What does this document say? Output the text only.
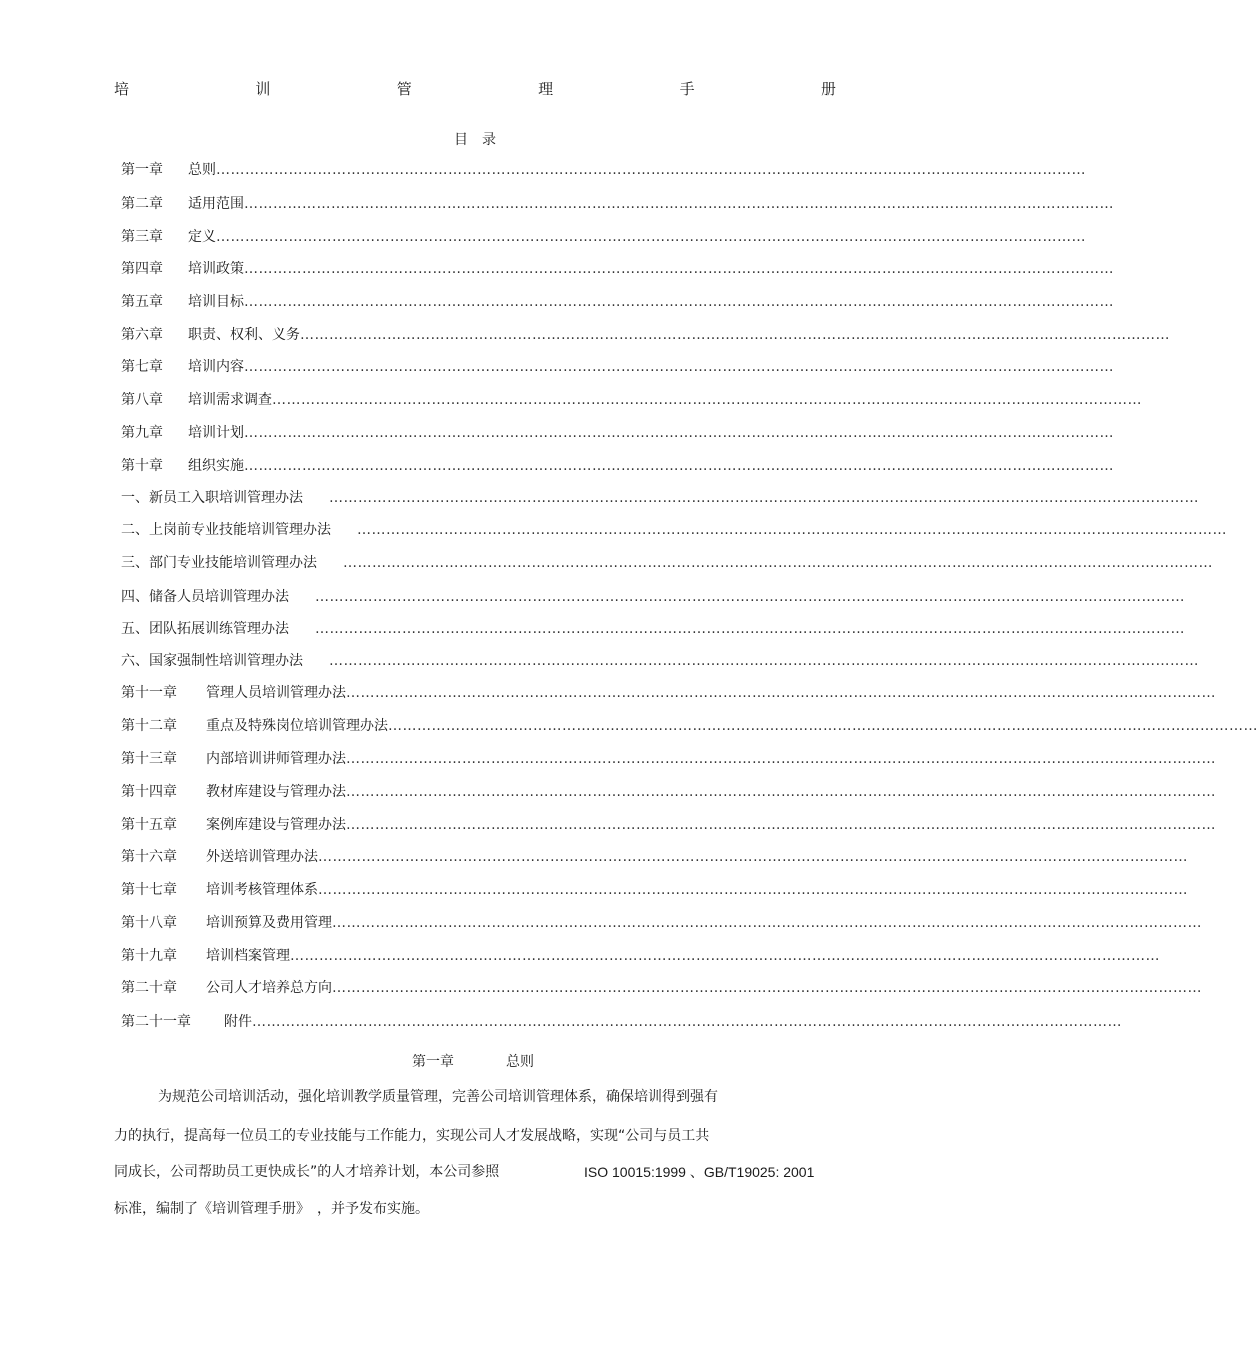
培	训	管	理	手	册
目　录
第一章 总则………………………………………………………………………………………………………………………………………………………………
第二章 适用范围………………………………………………………………………………………………………………………………………………………………
第三章 定义………………………………………………………………………………………………………………………………………………………………
第四章 培训政策………………………………………………………………………………………………………………………………………………………………
第五章 培训目标………………………………………………………………………………………………………………………………………………………………
第六章 职责、权利、义务………………………………………………………………………………………………………………………………………………………………
第七章 培训内容………………………………………………………………………………………………………………………………………………………………
第八章 培训需求调查………………………………………………………………………………………………………………………………………………………………
第九章 培训计划………………………………………………………………………………………………………………………………………………………………
第十章 组织实施………………………………………………………………………………………………………………………………………………………………
一、新员工入职培训管理办法 ………………………………………………………………………………………………………………………………………………………………
二、上岗前专业技能培训管理办法 ………………………………………………………………………………………………………………………………………………………………
三、部门专业技能培训管理办法 ………………………………………………………………………………………………………………………………………………………………
四、储备人员培训管理办法 ………………………………………………………………………………………………………………………………………………………………
五、团队拓展训练管理办法 ………………………………………………………………………………………………………………………………………………………………
六、国家强制性培训管理办法 ………………………………………………………………………………………………………………………………………………………………
第十一章 管理人员培训管理办法………………………………………………………………………………………………………………………………………………………………
第十二章 重点及特殊岗位培训管理办法………………………………………………………………………………………………………………………………………………………………
第十三章 内部培训讲师管理办法………………………………………………………………………………………………………………………………………………………………
第十四章 教材库建设与管理办法………………………………………………………………………………………………………………………………………………………………
第十五章 案例库建设与管理办法………………………………………………………………………………………………………………………………………………………………
第十六章 外送培训管理办法………………………………………………………………………………………………………………………………………………………………
第十七章 培训考核管理体系………………………………………………………………………………………………………………………………………………………………
第十八章 培训预算及费用管理………………………………………………………………………………………………………………………………………………………………
第十九章 培训档案管理………………………………………………………………………………………………………………………………………………………………
第二十章 公司人才培养总方向………………………………………………………………………………………………………………………………………………………………
第二十一章 附件………………………………………………………………………………………………………………………………………………………………
第一章	总则
为规范公司培训活动，强化培训教学质量管理，完善公司培训管理体系，确保培训得到强有
力的执行，提高每一位员工的专业技能与工作能力，实现公司人才发展战略，实现“公司与员工共
同成长，公司帮助员工更快成长”的人才培养计划，本公司参照	ISO 10015:1999 、GB/T19025: 2001
标准，编制了《培训管理手册》　，并予发布实施。
